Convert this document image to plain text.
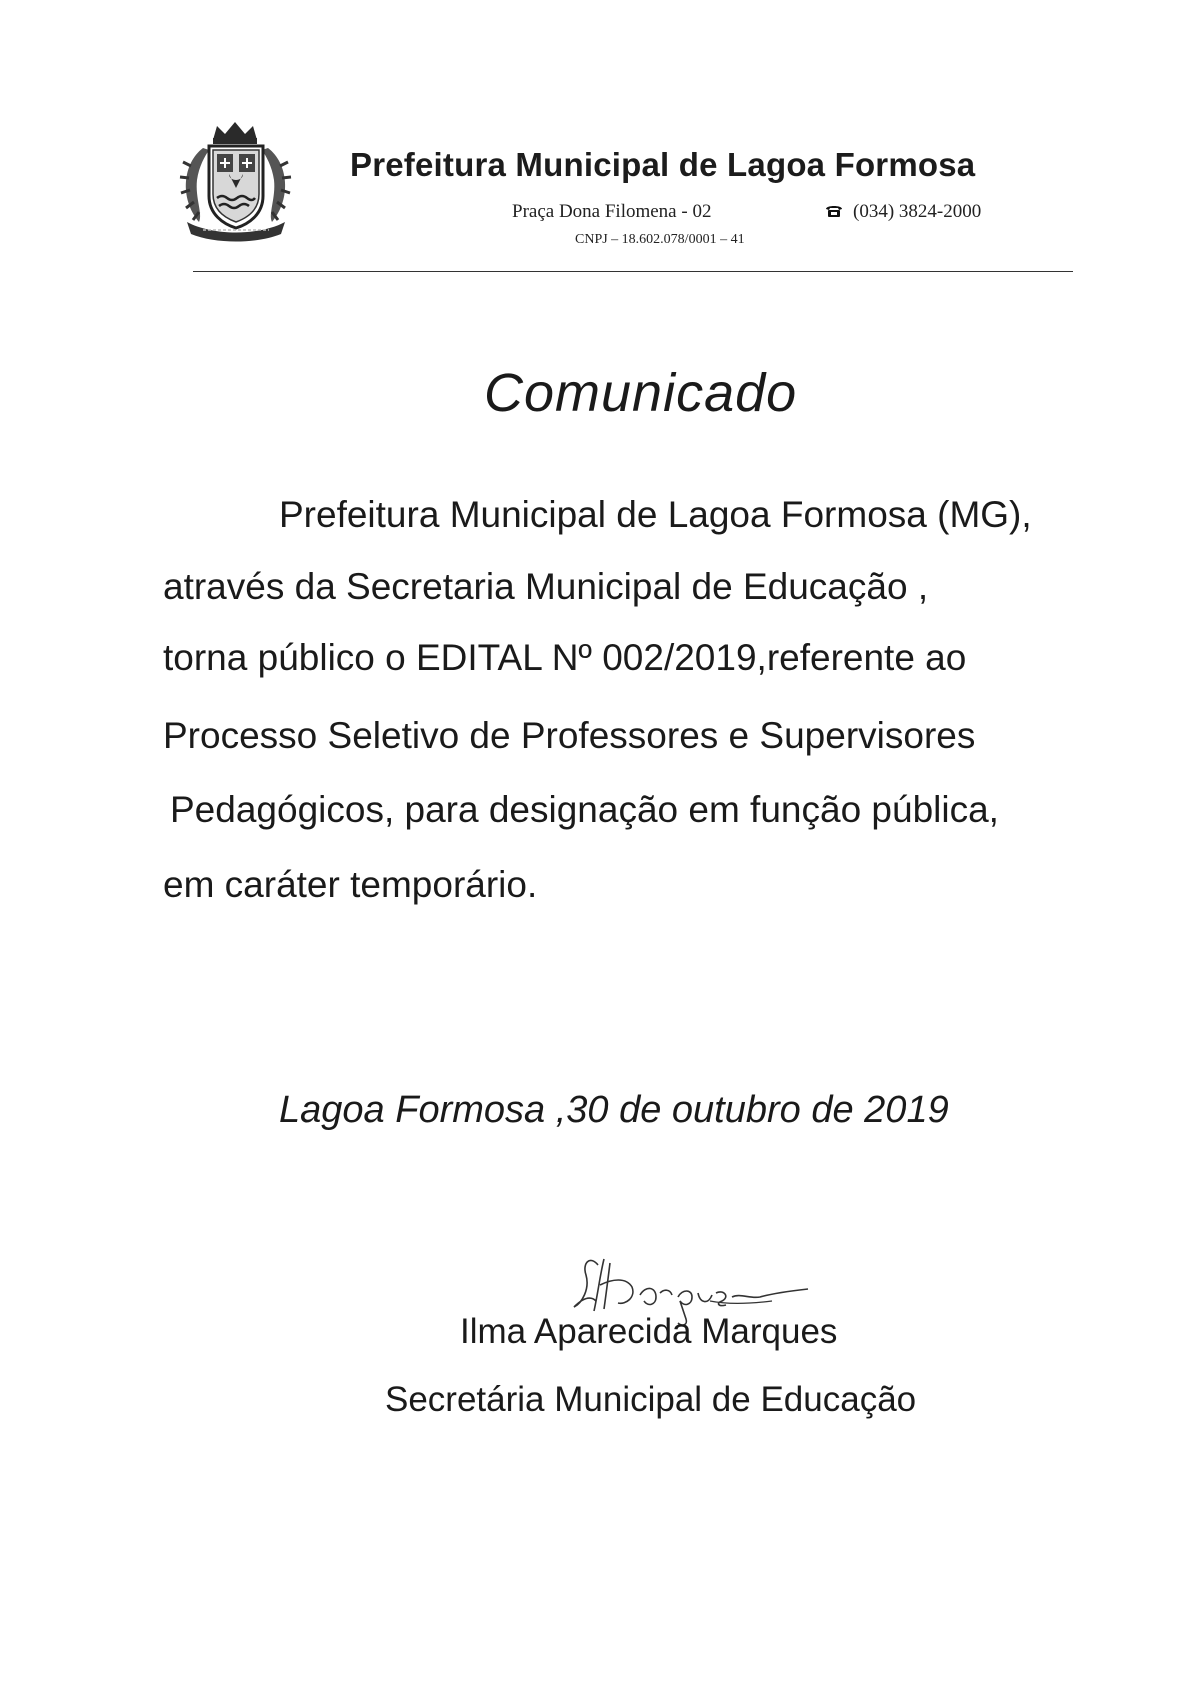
Prefeitura Municipal de Lagoa Formosa
Praça Dona Filomena - 02	(034) 3824-2000
CNPJ – 18.602.078/0001 – 41
Comunicado
Prefeitura Municipal de Lagoa Formosa (MG),
através da Secretaria Municipal de Educação ,
torna público o EDITAL Nº 002/2019,referente ao
Processo Seletivo de Professores e Supervisores
Pedagógicos, para designação em função pública,
em caráter temporário.
Lagoa Formosa ,30 de outubro de 2019
Ilma Aparecida Marques
Secretária Municipal de Educação
